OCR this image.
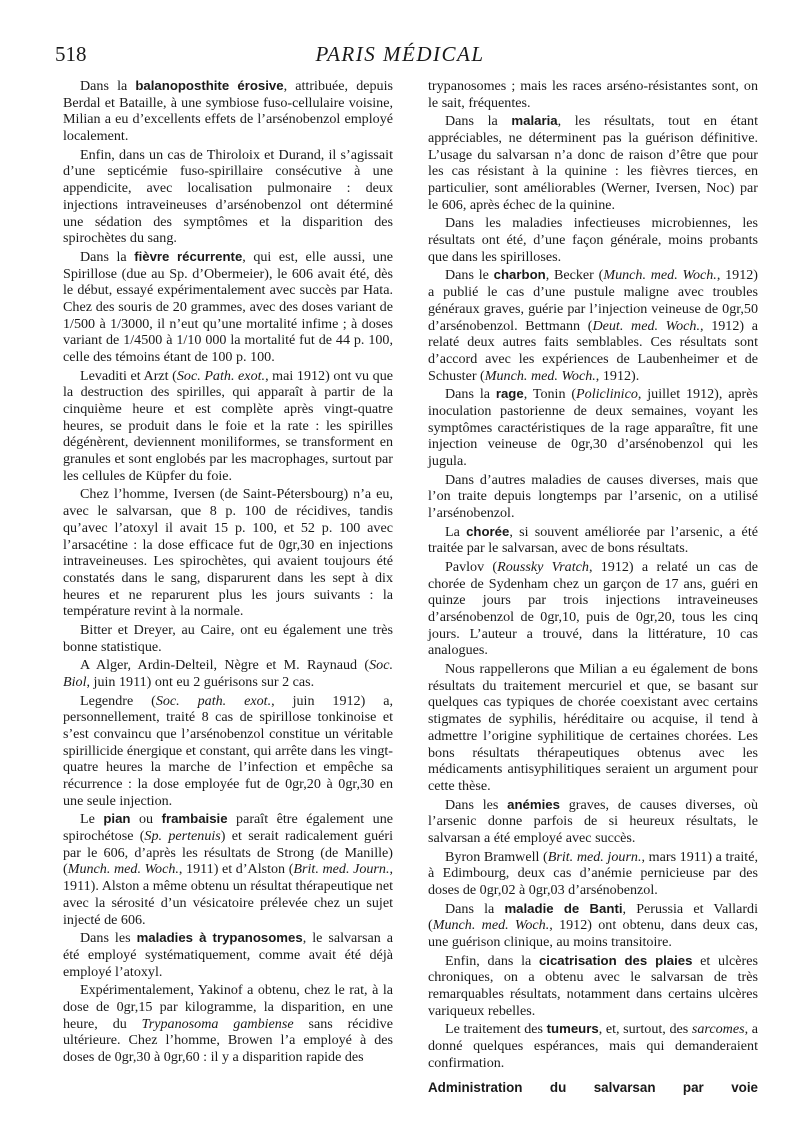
518	PARIS MÉDICAL

Dans la balanoposthite érosive, attribuée, depuis Berdal et Bataille, à une symbiose fuso-cellulaire voisine, Milian a eu d’excellents effets de l’arsénobenzol employé localement.

Enfin, dans un cas de Thiroloix et Durand, il s’agissait d’une septicémie fuso-spirillaire consécutive à une appendicite, avec localisation pulmonaire : deux injections intraveineuses d’arsénobenzol ont déterminé une sédation des symptômes et la disparition des spirochètes du sang.

Dans la fièvre récurrente, qui est, elle aussi, une Spirillose (due au Sp. d’Obermeier), le 606 avait été, dès le début, essayé expérimentalement avec succès par Hata. Chez des souris de 20 grammes, avec des doses variant de 1/500 à 1/3000, il n’eut qu’une mortalité infime ; à doses variant de 1/4500 à 1/10 000 la mortalité fut de 44 p. 100, celle des témoins étant de 100 p. 100.

Levaditi et Arzt (Soc. Path. exot., mai 1912) ont vu que la destruction des spirilles, qui apparaît à partir de la cinquième heure et est complète après vingt-quatre heures, se produit dans le foie et la rate : les spirilles dégénèrent, deviennent moniliformes, se transforment en granules et sont englobés par les macrophages, surtout par les cellules de Küpfer du foie.

Chez l’homme, Iversen (de Saint-Pétersbourg) n’a eu, avec le salvarsan, que 8 p. 100 de récidives, tandis qu’avec l’atoxyl il avait 15 p. 100, et 52 p. 100 avec l’arsacétine : la dose efficace fut de 0gr,30 en injections intraveineuses. Les spirochètes, qui avaient toujours été constatés dans le sang, disparurent dans les sept à dix heures et ne reparurent plus les jours suivants : la température revint à la normale.

Bitter et Dreyer, au Caire, ont eu également une très bonne statistique.

A Alger, Ardin-Delteil, Nègre et M. Raynaud (Soc. Biol, juin 1911) ont eu 2 guérisons sur 2 cas.

Legendre (Soc. path. exot., juin 1912) a, personnellement, traité 8 cas de spirillose tonkinoise et s’est convaincu que l’arsénobenzol constitue un véritable spirillicide énergique et constant, qui arrête dans les vingt-quatre heures la marche de l’infection et empêche sa récurrence : la dose employée fut de 0gr,20 à 0gr,30 en une seule injection.

Le pian ou frambaisie paraît être également une spirochétose (Sp. pertenuis) et serait radicalement guéri par le 606, d’après les résultats de Strong (de Manille) (Munch. med. Woch., 1911) et d’Alston (Brit. med. Journ., 1911). Alston a même obtenu un résultat thérapeutique net avec la sérosité d’un vésicatoire prélevée chez un sujet injecté de 606.

Dans les maladies à trypanosomes, le salvarsan a été employé systématiquement, comme avait été déjà employé l’atoxyl.

Expérimentalement, Yakinof a obtenu, chez le rat, à la dose de 0gr,15 par kilogramme, la disparition, en une heure, du Trypanosoma gambiense sans récidive ultérieure. Chez l’homme, Browen l’a employé à des doses de 0gr,30 à 0gr,60 : il y a disparition rapide des

trypanosomes ; mais les races arséno-résistantes sont, on le sait, fréquentes.

Dans la malaria, les résultats, tout en étant appréciables, ne déterminent pas la guérison définitive. L’usage du salvarsan n’a donc de raison d’être que pour les cas résistant à la quinine : les fièvres tierces, en particulier, sont améliorables (Werner, Iversen, Noc) par le 606, après échec de la quinine.

Dans les maladies infectieuses microbiennes, les résultats ont été, d’une façon générale, moins probants que dans les spirilloses.

Dans le charbon, Becker (Munch. med. Woch., 1912) a publié le cas d’une pustule maligne avec troubles généraux graves, guérie par l’injection veineuse de 0gr,50 d’arsénobenzol. Bettmann (Deut. med. Woch., 1912) a relaté deux autres faits semblables. Ces résultats sont d’accord avec les expériences de Laubenheimer et de Schuster (Munch. med. Woch., 1912).

Dans la rage, Tonin (Policlinico, juillet 1912), après inoculation pastorienne de deux semaines, voyant les symptômes caractéristiques de la rage apparaître, fit une injection veineuse de 0gr,30 d’arsénobenzol qui les jugula.

Dans d’autres maladies de causes diverses, mais que l’on traite depuis longtemps par l’arsenic, on a utilisé l’arsénobenzol.

La chorée, si souvent améliorée par l’arsenic, a été traitée par le salvarsan, avec de bons résultats.

Pavlov (Roussky Vratch, 1912) a relaté un cas de chorée de Sydenham chez un garçon de 17 ans, guéri en quinze jours par trois injections intraveineuses d’arsénobenzol de 0gr,10, puis de 0gr,20, tous les cinq jours. L’auteur a trouvé, dans la littérature, 10 cas analogues.

Nous rappellerons que Milian a eu également de bons résultats du traitement mercuriel et que, se basant sur quelques cas typiques de chorée coexistant avec certains stigmates de syphilis, héréditaire ou acquise, il tend à admettre l’origine syphilitique de certaines chorées. Les bons résultats thérapeutiques obtenus avec les médicaments antisyphilitiques seraient un argument pour cette thèse.

Dans les anémies graves, de causes diverses, où l’arsenic donne parfois de si heureux résultats, le salvarsan a été employé avec succès.

Byron Bramwell (Brit. med. journ., mars 1911) a traité, à Edimbourg, deux cas d’anémie pernicieuse par des doses de 0gr,02 à 0gr,03 d’arsénobenzol.

Dans la maladie de Banti, Perussia et Vallardi (Munch. med. Woch., 1912) ont obtenu, dans deux cas, une guérison clinique, au moins transitoire.

Enfin, dans la cicatrisation des plaies et ulcères chroniques, on a obtenu avec le salvarsan de très remarquables résultats, notamment dans certains ulcères variqueux rebelles.

Le traitement des tumeurs, et, surtout, des sarcomes, a donné quelques espérances, mais qui demanderaient confirmation.

Administration du salvarsan par voie
